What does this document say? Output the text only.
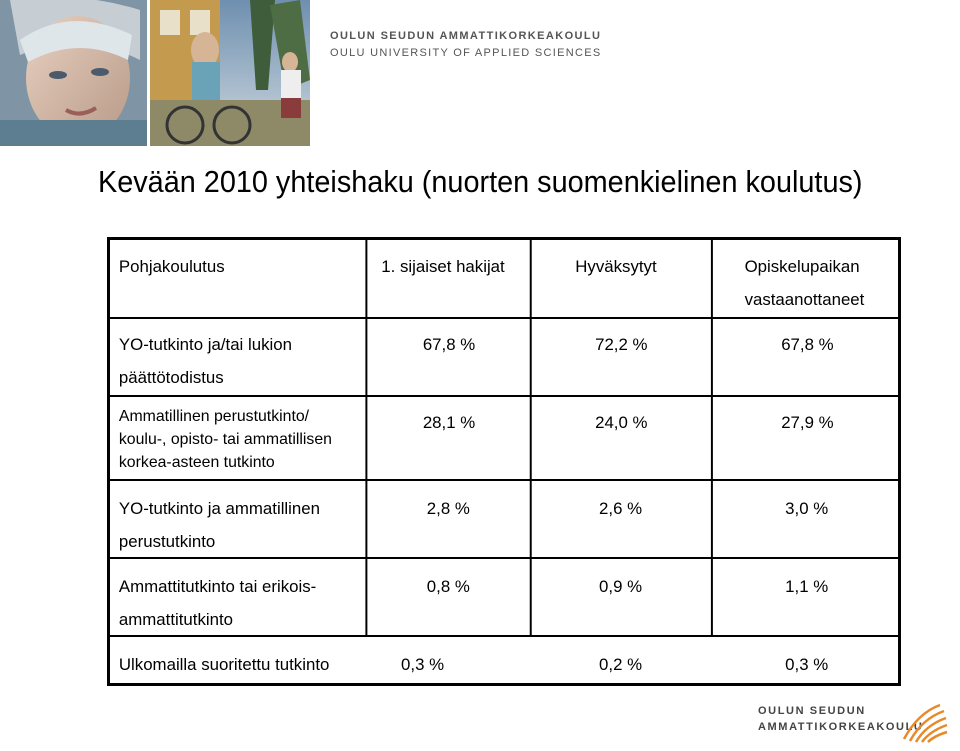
OULUN SEUDUN AMMATTIKORKEAKOULU
OULU UNIVERSITY OF APPLIED SCIENCES
Kevään 2010 yhteishaku (nuorten suomenkielinen koulutus)
Pohjakoulutus	1. sijaiset hakijat	Hyväksytyt	Opiskelupaikan
vastaanottaneet
YO-tutkinto ja/tai lukion
päättötodistus
67,8 %	72,2 %	67,8 %
Ammatillinen perustutkinto/
koulu-, opisto- tai ammatillisen
korkea-asteen tutkinto
28,1 %	24,0 %	27,9 %
YO-tutkinto ja ammatillinen
perustutkinto
2,8 %	2,6 %	3,0 %
Ammattitutkinto tai erikois-
ammattitutkinto
0,8 %	0,9 %	1,1 %
Ulkomailla suoritettu tutkinto	0,3 %	0,2 %	0,3 %
OULUN SEUDUN
AMMATTIKORKEAKOULU
